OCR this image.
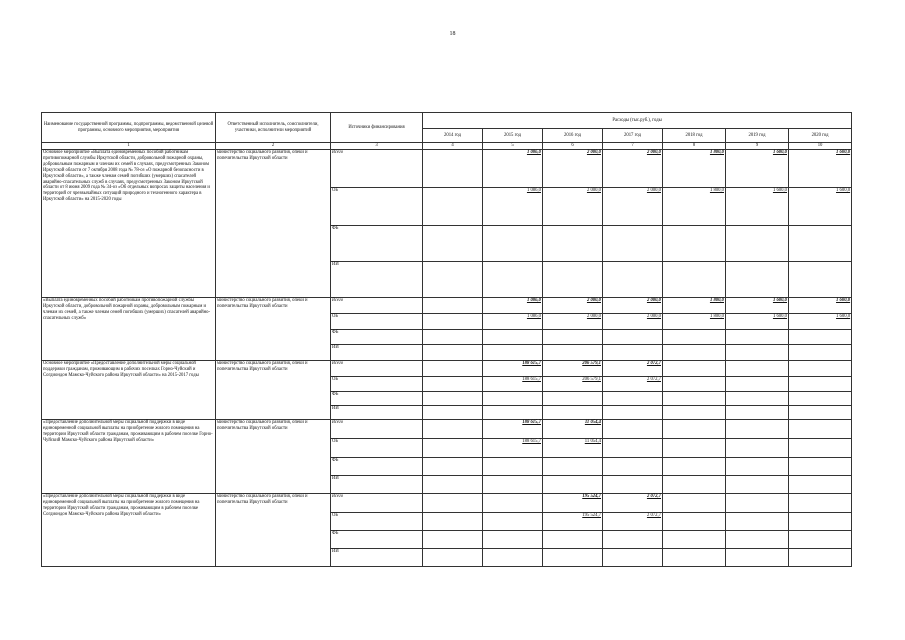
18
Наименование государственной программы, подпрограммы, ведомственной целевой программы, основного мероприятия, мероприятия	Ответственный исполнитель, соисполнители, участники, исполнители мероприятий	Источники финансирования	Расходы (тыс.руб.), годы						
			2014 год	2015 год	2016 год	2017 год	2018 год	2019 год	2020 год
1	2	3	4	5	6	7	8	9	10
Основное мероприятие «Выплата единовременных пособий работникам противопожарной службы Иркутской области, добровольной пожарной охраны, добровольным пожарным и членам их семей в случаях, предусмотренных Законом Иркутской области от 7 октября 2008 года № 78-оз «О пожарной безопасности в Иркутской области», а также членам семей погибших (умерших) спасателей аварийно-спасательных служб в случаях, предусмотренных Законом Иркутской области от 8 июня 2009 года № 34-оз «Об отдельных вопросах защиты населения и территорий от чрезвычайных ситуаций природного и техногенного характера в Иркутской области» на 2015-2020 годы	министерство социального развития, опеки и попечительства Иркутской области	Всего		1 086,0	2 000,0	2 000,0	1 800,0	1 600,0	1 600,0
		ОБ		1 086,0	2 000,0	2 000,0	1 800,0	1 600,0	1 600,0
		ФБ							
		ИИ							
«Выплата единовременных пособий работникам противопожарной службы Иркутской области, добровольной пожарной охраны, добровольным пожарным и членам их семей, а также членам семей погибших (умерших) спасателей аварийно-спасательных служб»	министерство социального развития, опеки и попечительства Иркутской области	Всего		1 086,0	2 000,0	2 000,0	1 800,0	1 600,0	1 600,0
		ОБ		1 086,0	2 000,0	2 000,0	1 800,0	1 600,0	1 600,0
		ФБ							
		ИИ							
Основное мероприятие «Предоставление дополнительной меры социальной поддержки гражданам, проживающим в рабочих поселках Горно-Чуйский и Согдиондон Мамско-Чуйского района Иркутской области» на 2015-2017 годы	министерство социального развития, опеки и попечительства Иркутской области	Всего		188 615,7	206 579,1	2 072,7			
		ОБ		188 615,7	206 579,1	2 072,7			
		ФБ							
		ИИ							
«Предоставление дополнительной меры социальной поддержки в виде единовременной социальной выплаты на приобретение жилого помещения на территории Иркутской области гражданам, проживающим в рабочем поселке Горно-Чуйский Мамско-Чуйского района Иркутской области»	министерство социального развития, опеки и попечительства Иркутской области	Всего		188 615,7	11 054,4				
		ОБ		188 615,7	11 054,4				
		ФБ							
		ИИ							
«Предоставление дополнительной меры социальной поддержки в виде единовременной социальной выплаты на приобретение жилого помещения на территории Иркутской области гражданам, проживающим в рабочем поселке Согдиондон Мамско-Чуйского района Иркутской области»	министерство социального развития, опеки и попечительства Иркутской области	Всего			195 524,7	2 072,7			
		ОБ			195 524,7	2 072,7			
		ФБ							
		ИИ							
